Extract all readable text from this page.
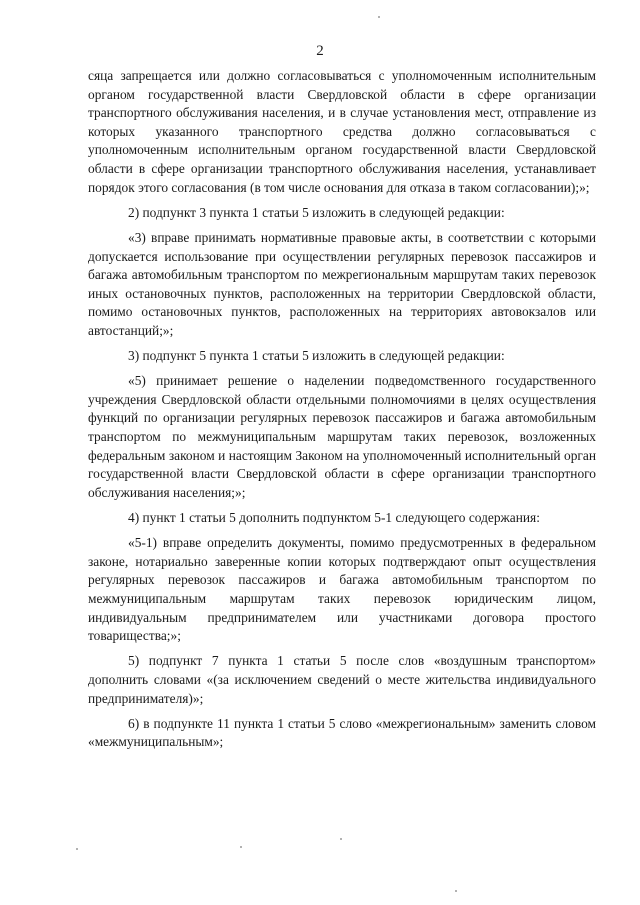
2

сяца запрещается или должно согласовываться с уполномоченным исполнительным органом государственной власти Свердловской области в сфере организации транспортного обслуживания населения, и в случае установления мест, отправление из которых указанного транспортного средства должно согласовываться с уполномоченным исполнительным органом государственной власти Свердловской области в сфере организации транспортного обслуживания населения, устанавливает порядок этого согласования (в том числе основания для отказа в таком согласовании);»;

2) подпункт 3 пункта 1 статьи 5 изложить в следующей редакции:

«3) вправе принимать нормативные правовые акты, в соответствии с которыми допускается использование при осуществлении регулярных перевозок пассажиров и багажа автомобильным транспортом по межрегиональным маршрутам таких перевозок иных остановочных пунктов, расположенных на территории Свердловской области, помимо остановочных пунктов, расположенных на территориях автовокзалов или автостанций;»;

3) подпункт 5 пункта 1 статьи 5 изложить в следующей редакции:

«5) принимает решение о наделении подведомственного государственного учреждения Свердловской области отдельными полномочиями в целях осуществления функций по организации регулярных перевозок пассажиров и багажа автомобильным транспортом по межмуниципальным маршрутам таких перевозок, возложенных федеральным законом и настоящим Законом на уполномоченный исполнительный орган государственной власти Свердловской области в сфере организации транспортного обслуживания населения;»;

4) пункт 1 статьи 5 дополнить подпунктом 5-1 следующего содержания:

«5-1) вправе определить документы, помимо предусмотренных в федеральном законе, нотариально заверенные копии которых подтверждают опыт осуществления регулярных перевозок пассажиров и багажа автомобильным транспортом по межмуниципальным маршрутам таких перевозок юридическим лицом, индивидуальным предпринимателем или участниками договора простого товарищества;»;

5) подпункт 7 пункта 1 статьи 5 после слов «воздушным транспортом» дополнить словами «(за исключением сведений о месте жительства индивидуального предпринимателя)»;

6) в подпункте 11 пункта 1 статьи 5 слово «межрегиональным» заменить словом «межмуниципальным»;
